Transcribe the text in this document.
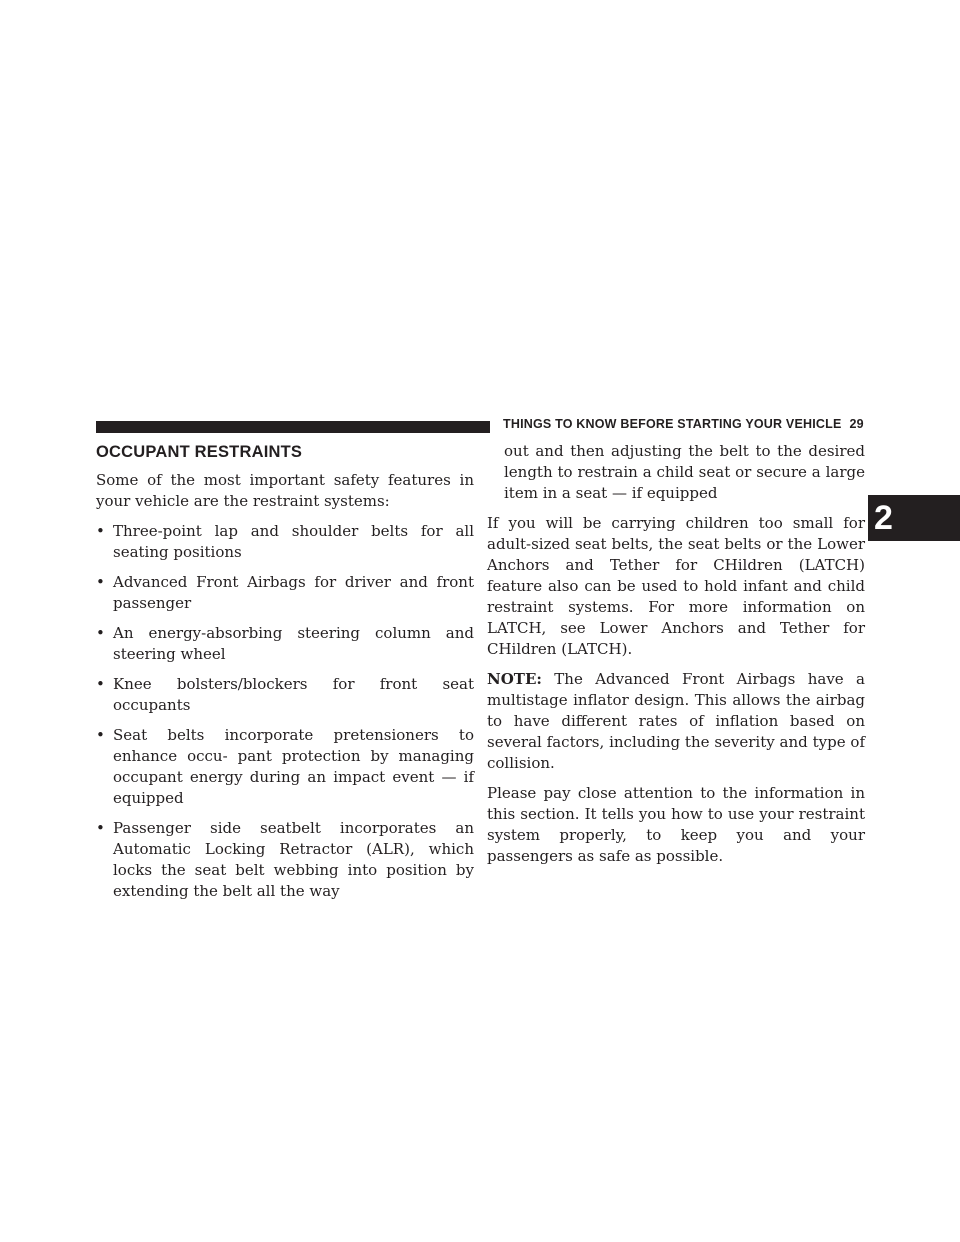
THINGS TO KNOW BEFORE STARTING YOUR VEHICLE 29
2
OCCUPANT RESTRAINTS

Some of the most important safety features in your vehicle are the restraint systems:

• Three-point lap and shoulder belts for all seating positions
• Advanced Front Airbags for driver and front passenger
• An energy-absorbing steering column and steering wheel
• Knee bolsters/blockers for front seat occupants
• Seat belts incorporate pretensioners to enhance occu- pant protection by managing occupant energy during an impact event — if equipped
• Passenger side seatbelt incorporates an Automatic Locking Retractor (ALR), which locks the seat belt webbing into position by extending the belt all the way
out and then adjusting the belt to the desired length to restrain a child seat or secure a large item in a seat — if equipped

If you will be carrying children too small for adult-sized seat belts, the seat belts or the Lower Anchors and Tether for CHildren (LATCH) feature also can be used to hold infant and child restraint systems. For more information on LATCH, see Lower Anchors and Tether for CHildren (LATCH).

NOTE: The Advanced Front Airbags have a multistage inflator design. This allows the airbag to have different rates of inflation based on several factors, including the severity and type of collision.

Please pay close attention to the information in this section. It tells you how to use your restraint system properly, to keep you and your passengers as safe as possible.
